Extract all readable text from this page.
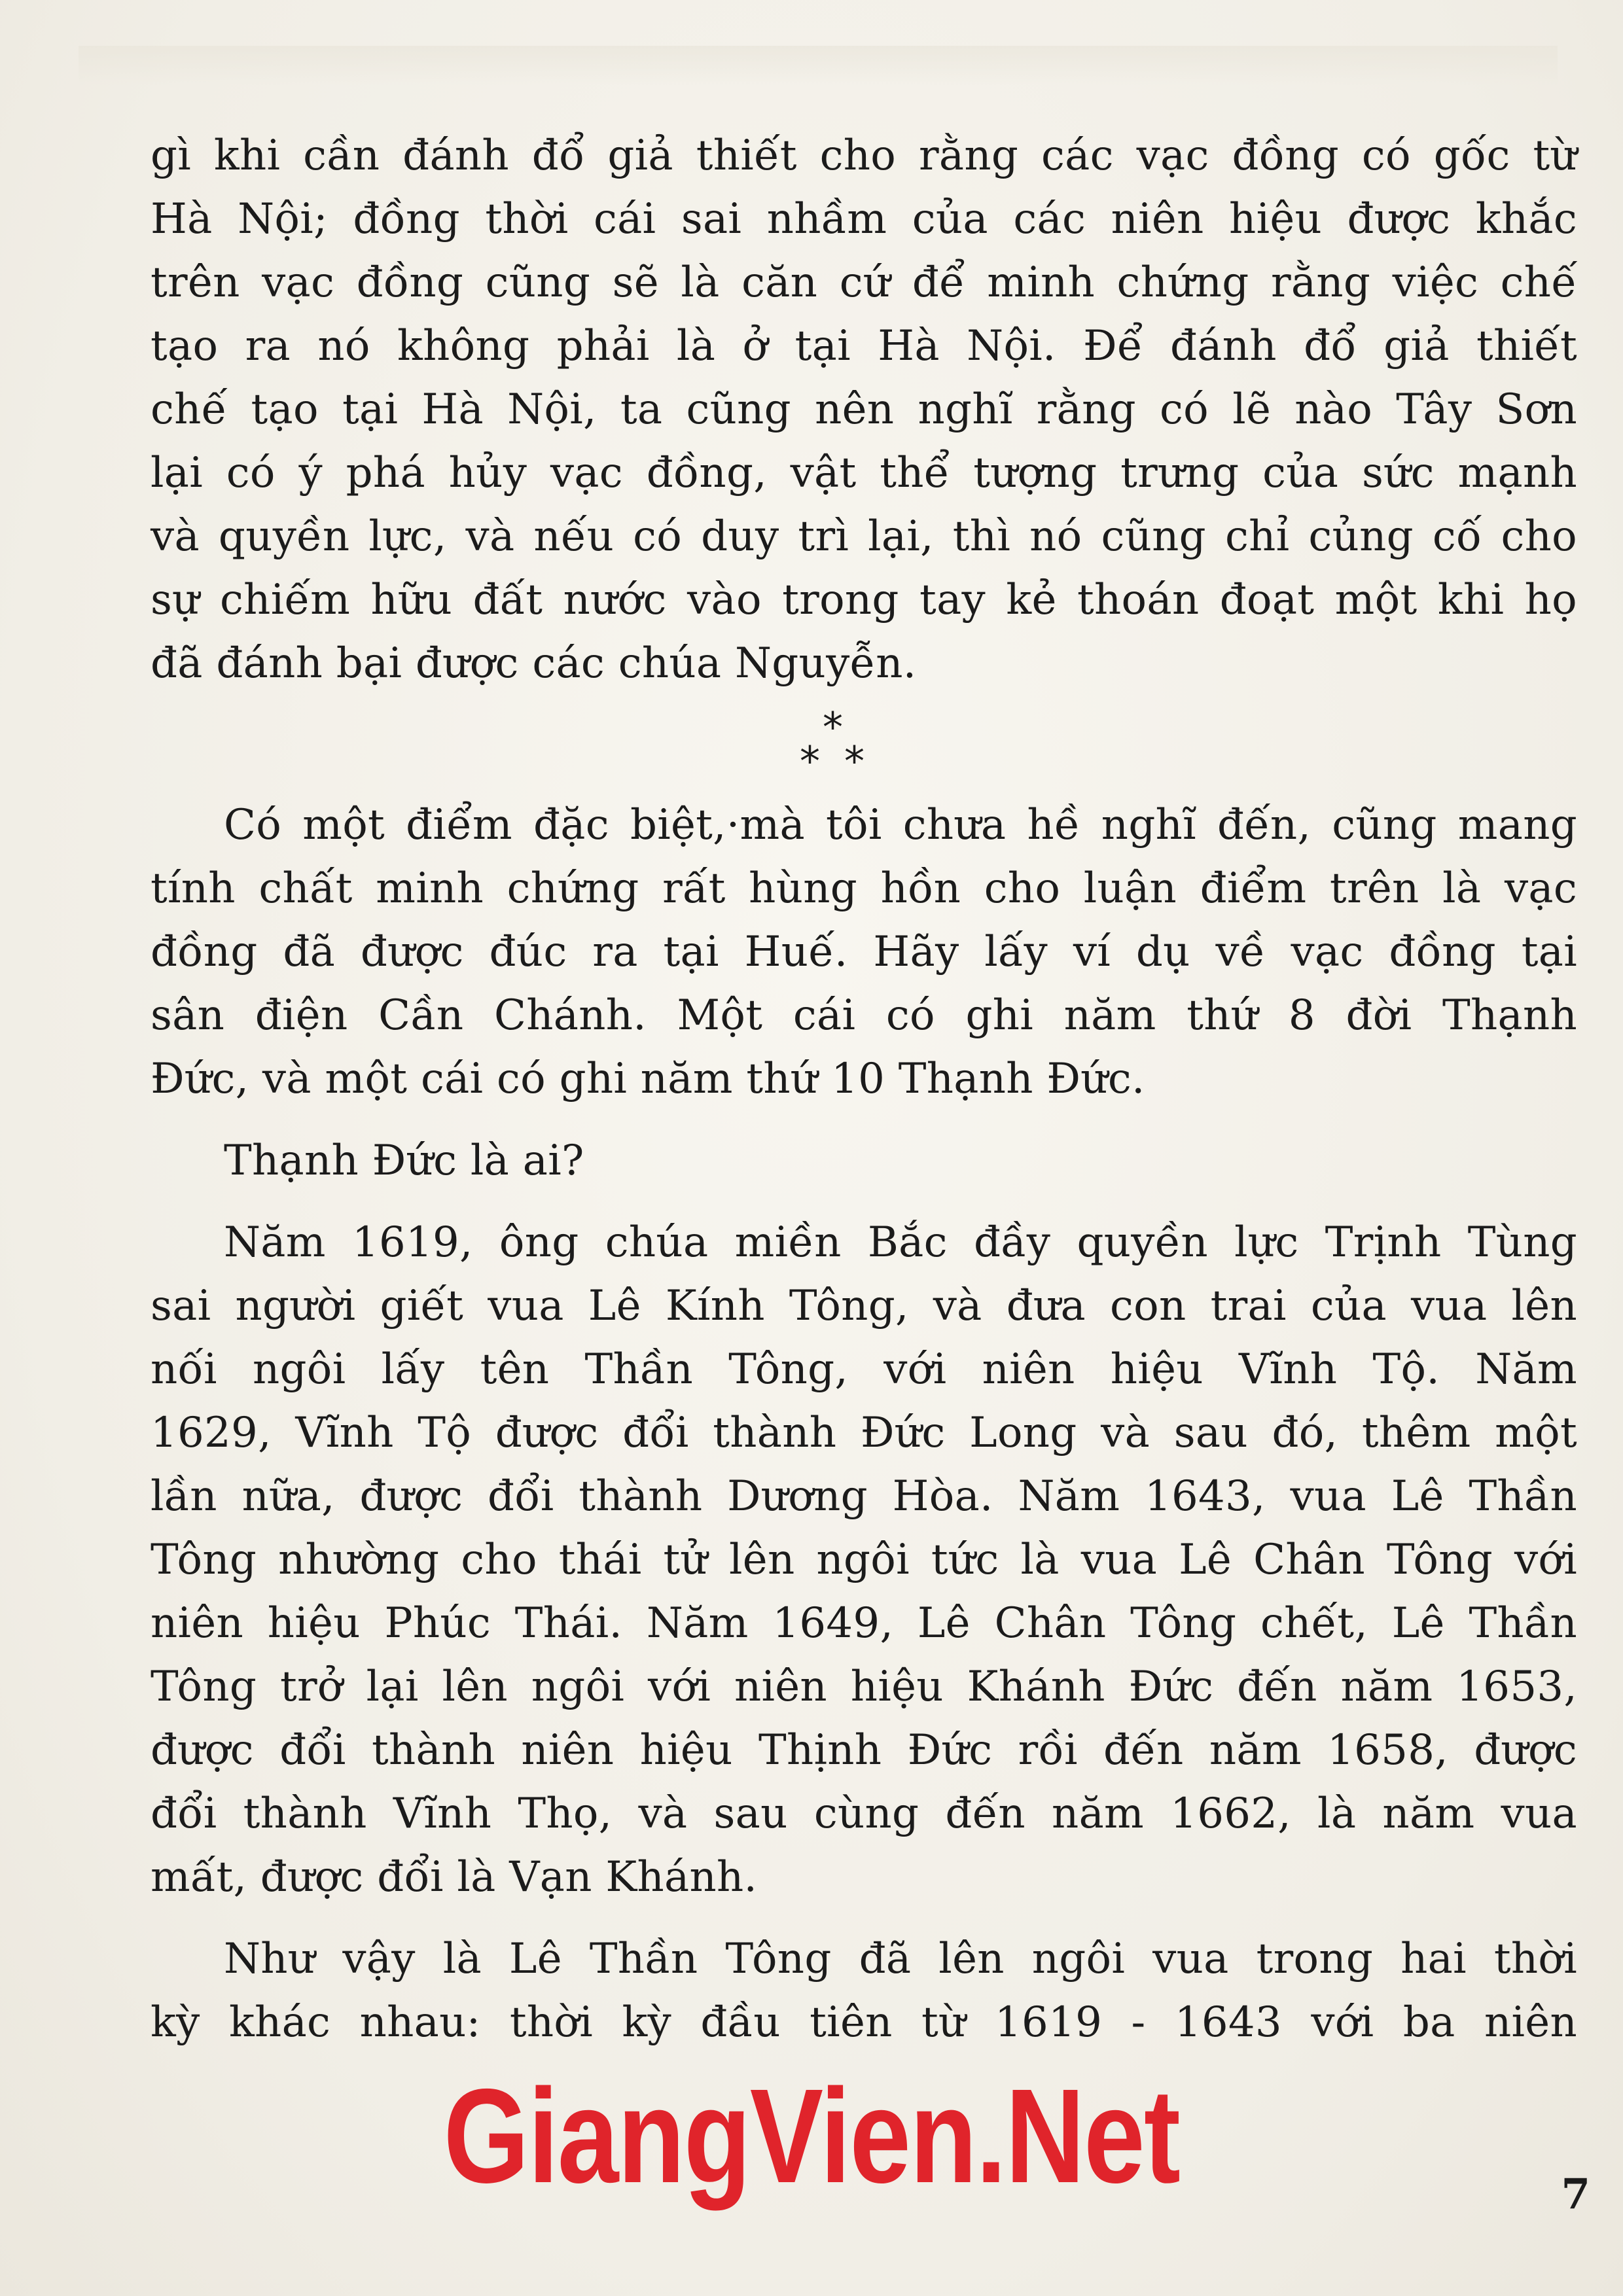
gì khi cần đánh đổ giả thiết cho rằng các vạc đồng có gốc từ
Hà Nội; đồng thời cái sai nhầm của các niên hiệu được khắc
trên vạc đồng cũng sẽ là căn cứ để minh chứng rằng việc chế
tạo ra nó không phải là ở tại Hà Nội. Để đánh đổ giả thiết
chế tạo tại Hà Nội, ta cũng nên nghĩ rằng có lẽ nào Tây Sơn
lại có ý phá hủy vạc đồng, vật thể tượng trưng của sức mạnh
và quyền lực, và nếu có duy trì lại, thì nó cũng chỉ củng cố cho
sự chiếm hữu đất nước vào trong tay kẻ thoán đoạt một khi họ
đã đánh bại được các chúa Nguyễn.
*
* *
Có một điểm đặc biệt,·mà tôi chưa hề nghĩ đến, cũng mang
tính chất minh chứng rất hùng hồn cho luận điểm trên là vạc
đồng đã được đúc ra tại Huế. Hãy lấy ví dụ về vạc đồng tại
sân điện Cần Chánh. Một cái có ghi năm thứ 8 đời Thạnh
Đức, và một cái có ghi năm thứ 10 Thạnh Đức.
Thạnh Đức là ai?
Năm 1619, ông chúa miền Bắc đầy quyền lực Trịnh Tùng
sai người giết vua Lê Kính Tông, và đưa con trai của vua lên
nối ngôi lấy tên Thần Tông, với niên hiệu Vĩnh Tộ. Năm
1629, Vĩnh Tộ được đổi thành Đức Long và sau đó, thêm một
lần nữa, được đổi thành Dương Hòa. Năm 1643, vua Lê Thần
Tông nhường cho thái tử lên ngôi tức là vua Lê Chân Tông với
niên hiệu Phúc Thái. Năm 1649, Lê Chân Tông chết, Lê Thần
Tông trở lại lên ngôi với niên hiệu Khánh Đức đến năm 1653,
được đổi thành niên hiệu Thịnh Đức rồi đến năm 1658, được
đổi thành Vĩnh Thọ, và sau cùng đến năm 1662, là năm vua
mất, được đổi là Vạn Khánh.
Như vậy là Lê Thần Tông đã lên ngôi vua trong hai thời
kỳ khác nhau: thời kỳ đầu tiên từ 1619 - 1643 với ba niên
GiangVien.Net	7
